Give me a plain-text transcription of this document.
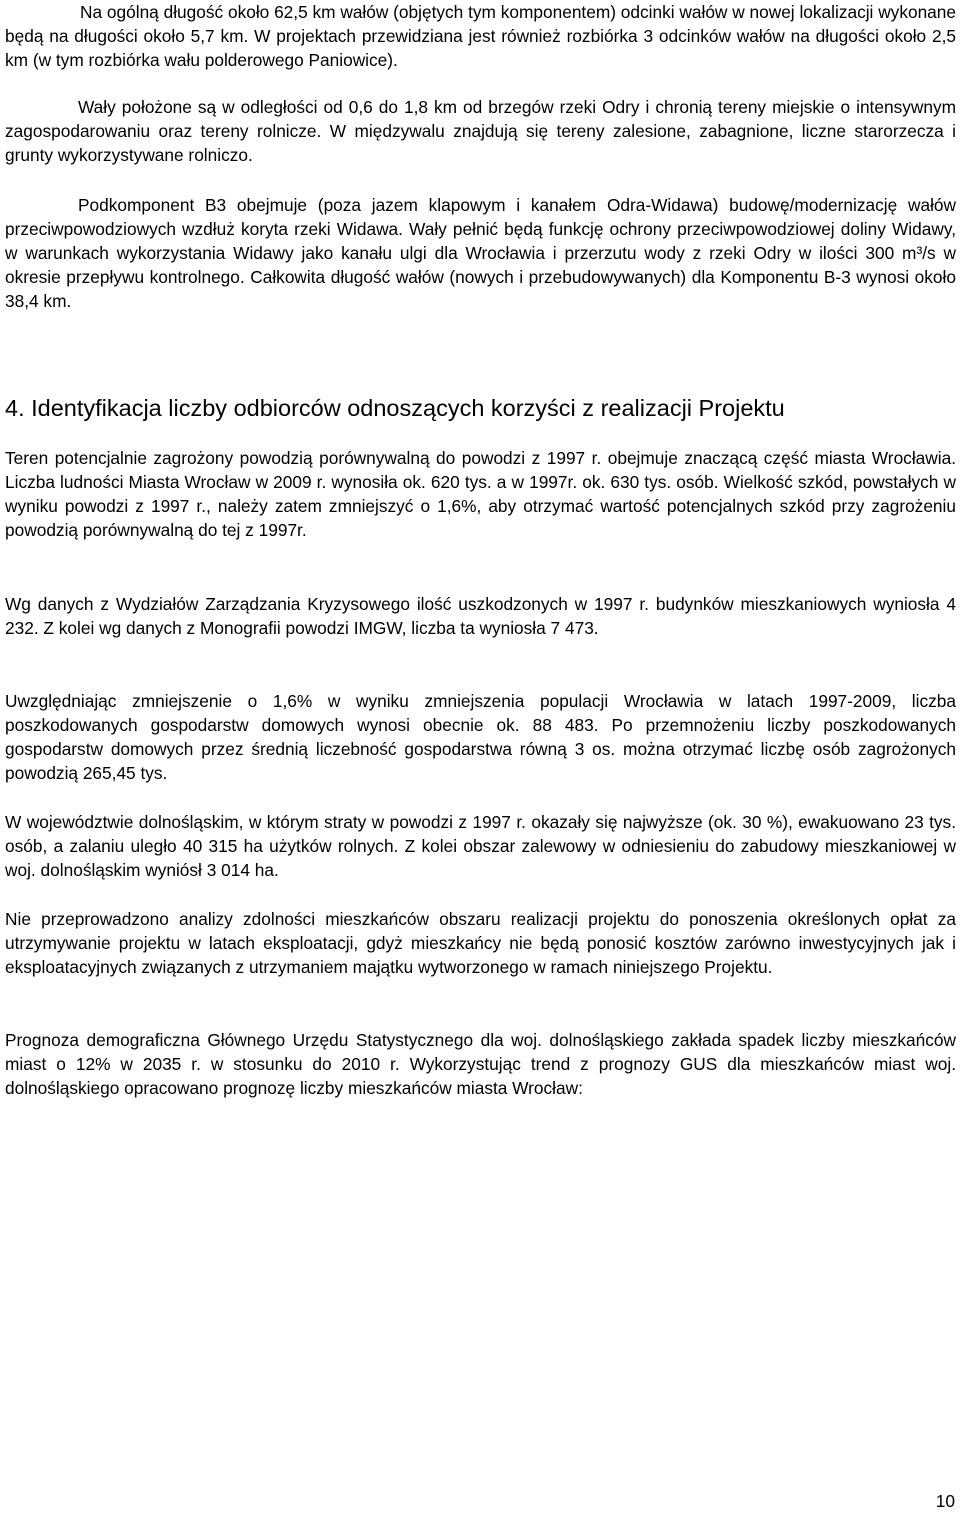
Na ogólną długość około 62,5 km wałów (objętych tym komponentem) odcinki wałów w nowej lokalizacji wykonane będą na długości około 5,7 km. W projektach przewidziana jest również rozbiórka 3 odcinków wałów na długości około 2,5 km (w tym rozbiórka wału polderowego Paniowice).

Wały położone są w odległości od 0,6 do 1,8 km od brzegów rzeki Odry i chronią tereny miejskie o intensywnym zagospodarowaniu oraz tereny rolnicze. W międzywalu znajdują się tereny zalesione, zabagnione, liczne starorzecza i grunty wykorzystywane rolniczo.

Podkomponent B3 obejmuje (poza jazem klapowym i kanałem Odra-Widawa) budowę/modernizację wałów przeciwpowodziowych wzdłuż koryta rzeki Widawa. Wały pełnić będą funkcję ochrony przeciwpowodziowej doliny Widawy, w warunkach wykorzystania Widawy jako kanału ulgi dla Wrocławia i przerzutu wody z rzeki Odry w ilości 300 m³/s w okresie przepływu kontrolnego. Całkowita długość wałów (nowych i przebudowywanych) dla Komponentu B-3 wynosi około 38,4 km.

4. Identyfikacja liczby odbiorców odnoszących korzyści z realizacji Projektu

Teren potencjalnie zagrożony powodzią porównywalną do powodzi z 1997 r. obejmuje znaczącą część miasta Wrocławia. Liczba ludności Miasta Wrocław w 2009 r. wynosiła ok. 620 tys. a w 1997r. ok. 630 tys. osób. Wielkość szkód, powstałych w wyniku powodzi z 1997 r., należy zatem zmniejszyć o 1,6%, aby otrzymać wartość potencjalnych szkód przy zagrożeniu powodzią porównywalną do tej z 1997r.

Wg danych z Wydziałów Zarządzania Kryzysowego ilość uszkodzonych w 1997 r. budynków mieszkaniowych wyniosła 4 232. Z kolei wg danych z Monografii powodzi IMGW, liczba ta wyniosła 7 473.

Uwzględniając zmniejszenie o 1,6% w wyniku zmniejszenia populacji Wrocławia w latach 1997-2009, liczba poszkodowanych gospodarstw domowych wynosi obecnie ok. 88 483. Po przemnożeniu liczby poszkodowanych gospodarstw domowych przez średnią liczebność gospodarstwa równą 3 os. można otrzymać liczbę osób zagrożonych powodzią 265,45 tys.

W województwie dolnośląskim, w którym straty w powodzi z 1997 r. okazały się najwyższe (ok. 30 %), ewakuowano 23 tys. osób, a zalaniu uległo 40 315 ha użytków rolnych. Z kolei obszar zalewowy w odniesieniu do zabudowy mieszkaniowej w woj. dolnośląskim wyniósł 3 014 ha.

Nie przeprowadzono analizy zdolności mieszkańców obszaru realizacji projektu do ponoszenia określonych opłat za utrzymywanie projektu w latach eksploatacji, gdyż mieszkańcy nie będą ponosić kosztów zarówno inwestycyjnych jak i eksploatacyjnych związanych z utrzymaniem majątku wytworzonego w ramach niniejszego Projektu.

Prognoza demograficzna Głównego Urzędu Statystycznego dla woj. dolnośląskiego zakłada spadek liczby mieszkańców miast o 12% w 2035 r. w stosunku do 2010 r. Wykorzystując trend z prognozy GUS dla mieszkańców miast woj. dolnośląskiego opracowano prognozę liczby mieszkańców miasta Wrocław:

10
